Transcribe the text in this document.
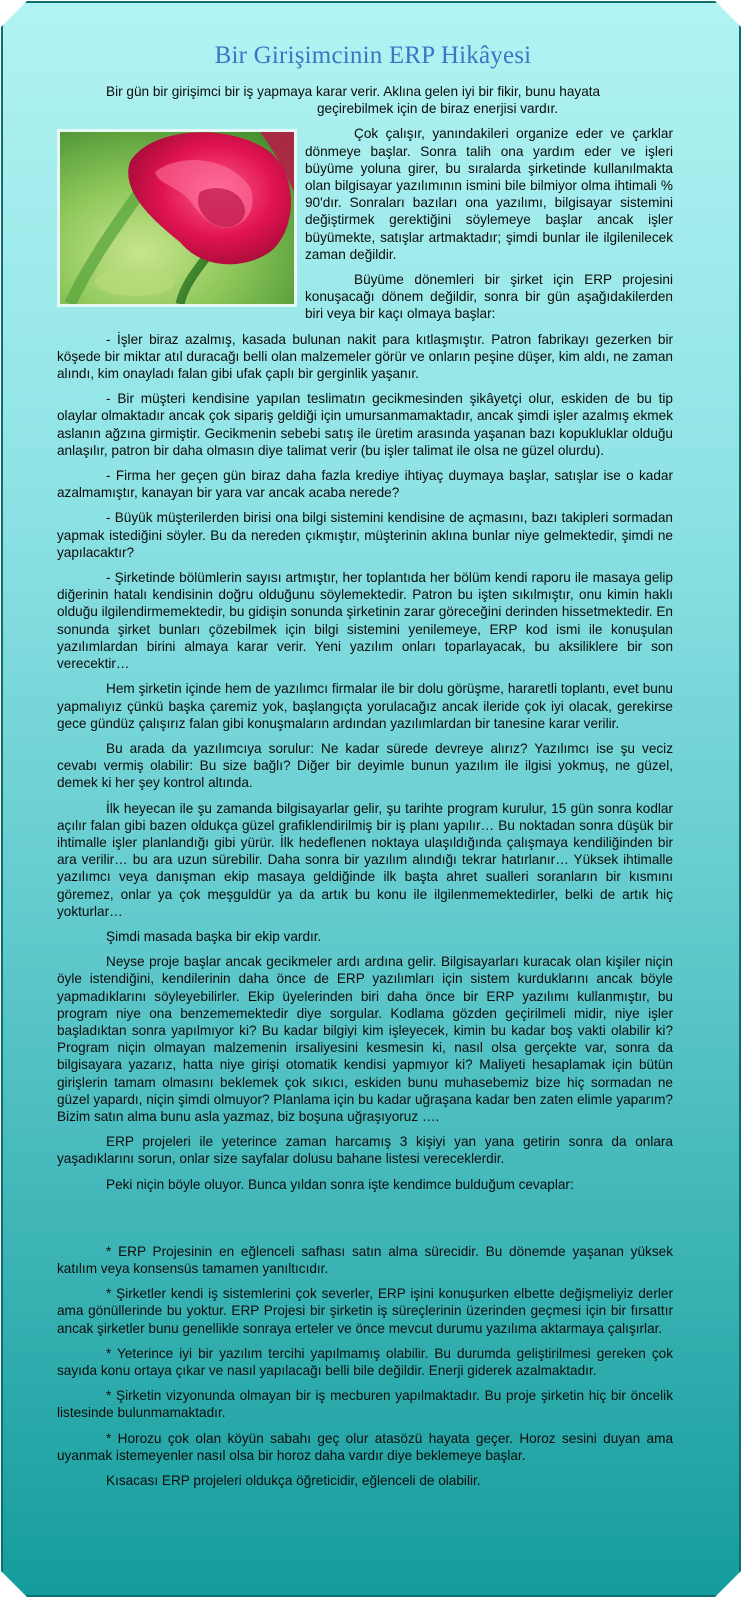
Bir Girişimcinin ERP Hikâyesi
Bir gün bir girişimci bir iş yapmaya karar verir. Aklına gelen iyi bir fikir, bunu hayata
geçirebilmek için de biraz enerjisi vardır.

Çok çalışır, yanındakileri organize eder ve çarklar dönmeye başlar. Sonra talih ona yardım eder ve işleri büyüme yoluna girer, bu sıralarda şirketinde kullanılmakta olan bilgisayar yazılımının ismini bile bilmiyor olma ihtimali % 90'dır. Sonraları bazıları ona yazılımı, bilgisayar sistemini değiştirmek gerektiğini söylemeye başlar ancak işler büyümekte, satışlar artmaktadır; şimdi bunlar ile ilgilenilecek zaman değildir.

Büyüme dönemleri bir şirket için ERP projesini konuşacağı dönem değildir, sonra bir gün aşağıdakilerden biri veya bir kaçı olmaya başlar:

- İşler biraz azalmış, kasada bulunan nakit para kıtlaşmıştır. Patron fabrikayı gezerken bir köşede bir miktar atıl duracağı belli olan malzemeler görür ve onların peşine düşer, kim aldı, ne zaman alındı, kim onayladı falan gibi ufak çaplı bir gerginlik yaşanır.

- Bir müşteri kendisine yapılan teslimatın gecikmesinden şikâyetçi olur, eskiden de bu tip olaylar olmaktadır ancak çok sipariş geldiği için umursanmamaktadır, ancak şimdi işler azalmış ekmek aslanın ağzına girmiştir. Gecikmenin sebebi satış ile üretim arasında yaşanan bazı kopukluklar olduğu anlaşılır, patron bir daha olmasın diye talimat verir (bu işler talimat ile olsa ne güzel olurdu).

- Firma her geçen gün biraz daha fazla krediye ihtiyaç duymaya başlar, satışlar ise o kadar azalmamıştır, kanayan bir yara var ancak acaba nerede?

- Büyük müşterilerden birisi ona bilgi sistemini kendisine de açmasını, bazı takipleri sormadan yapmak istediğini söyler. Bu da nereden çıkmıştır, müşterinin aklına bunlar niye gelmektedir, şimdi ne yapılacaktır?

- Şirketinde bölümlerin sayısı artmıştır, her toplantıda her bölüm kendi raporu ile masaya gelip diğerinin hatalı kendisinin doğru olduğunu söylemektedir. Patron bu işten sıkılmıştır, onu kimin haklı olduğu ilgilendirmemektedir, bu gidişin sonunda şirketinin zarar göreceğini derinden hissetmektedir. En sonunda şirket bunları çözebilmek için bilgi sistemini yenilemeye, ERP kod ismi ile konuşulan yazılımlardan birini almaya karar verir. Yeni yazılım onları toparlayacak, bu aksiliklere bir son verecektir…

Hem şirketin içinde hem de yazılımcı firmalar ile bir dolu görüşme, hararetli toplantı, evet bunu yapmalıyız çünkü başka çaremiz yok, başlangıçta yorulacağız ancak ileride çok iyi olacak, gerekirse gece gündüz çalışırız falan gibi konuşmaların ardından yazılımlardan bir tanesine karar verilir.

Bu arada da yazılımcıya sorulur: Ne kadar sürede devreye alırız? Yazılımcı ise şu veciz cevabı vermiş olabilir: Bu size bağlı? Diğer bir deyimle bunun yazılım ile ilgisi yokmuş, ne güzel, demek ki her şey kontrol altında.

İlk heyecan ile şu zamanda bilgisayarlar gelir, şu tarihte program kurulur, 15 gün sonra kodlar açılır falan gibi bazen oldukça güzel grafiklendirilmiş bir iş planı yapılır… Bu noktadan sonra düşük bir ihtimalle işler planlandığı gibi yürür. İlk hedeflenen noktaya ulaşıldığında çalışmaya kendiliğinden bir ara verilir… bu ara uzun sürebilir. Daha sonra bir yazılım alındığı tekrar hatırlanır… Yüksek ihtimalle yazılımcı veya danışman ekip masaya geldiğinde ilk başta ahret sualleri soranların bir kısmını göremez, onlar ya çok meşguldür ya da artık bu konu ile ilgilenmemektedirler, belki de artık hiç yokturlar…

Şimdi masada başka bir ekip vardır.

Neyse proje başlar ancak gecikmeler ardı ardına gelir. Bilgisayarları kuracak olan kişiler niçin öyle istendiğini, kendilerinin daha önce de ERP yazılımları için sistem kurduklarını ancak böyle yapmadıklarını söyleyebilirler. Ekip üyelerinden biri daha önce bir ERP yazılımı kullanmıştır, bu program niye ona benzememektedir diye sorgular. Kodlama gözden geçirilmeli midir, niye işler başladıktan sonra yapılmıyor ki? Bu kadar bilgiyi kim işleyecek, kimin bu kadar boş vakti olabilir ki? Program niçin olmayan malzemenin irsaliyesini kesmesin ki, nasıl olsa gerçekte var, sonra da bilgisayara yazarız, hatta niye girişi otomatik kendisi yapmıyor ki? Maliyeti hesaplamak için bütün girişlerin tamam olmasını beklemek çok sıkıcı, eskiden bunu muhasebemiz bize hiç sormadan ne güzel yapardı, niçin şimdi olmuyor? Planlama için bu kadar uğraşana kadar ben zaten elimle yaparım? Bizim satın alma bunu asla yazmaz, biz boşuna uğraşıyoruz ….

ERP projeleri ile yeterince zaman harcamış 3 kişiyi yan yana getirin sonra da onlara yaşadıklarını sorun, onlar size sayfalar dolusu bahane listesi vereceklerdir.

Peki niçin böyle oluyor. Bunca yıldan sonra işte kendimce bulduğum cevaplar:

* ERP Projesinin en eğlenceli safhası satın alma sürecidir. Bu dönemde yaşanan yüksek katılım veya konsensüs tamamen yanıltıcıdır.

* Şirketler kendi iş sistemlerini çok severler, ERP işini konuşurken elbette değişmeliyiz derler ama gönüllerinde bu yoktur. ERP Projesi bir şirketin iş süreçlerinin üzerinden geçmesi için bir fırsattır ancak şirketler bunu genellikle sonraya erteler ve önce mevcut durumu yazılıma aktarmaya çalışırlar.

* Yeterince iyi bir yazılım tercihi yapılmamış olabilir. Bu durumda geliştirilmesi gereken çok sayıda konu ortaya çıkar ve nasıl yapılacağı belli bile değildir. Enerji giderek azalmaktadır.

* Şirketin vizyonunda olmayan bir iş mecburen yapılmaktadır. Bu proje şirketin hiç bir öncelik listesinde bulunmamaktadır.

* Horozu çok olan köyün sabahı geç olur atasözü hayata geçer. Horoz sesini duyan ama uyanmak istemeyenler nasıl olsa bir horoz daha vardır diye beklemeye başlar.

Kısacası ERP projeleri oldukça öğreticidir, eğlenceli de olabilir.
